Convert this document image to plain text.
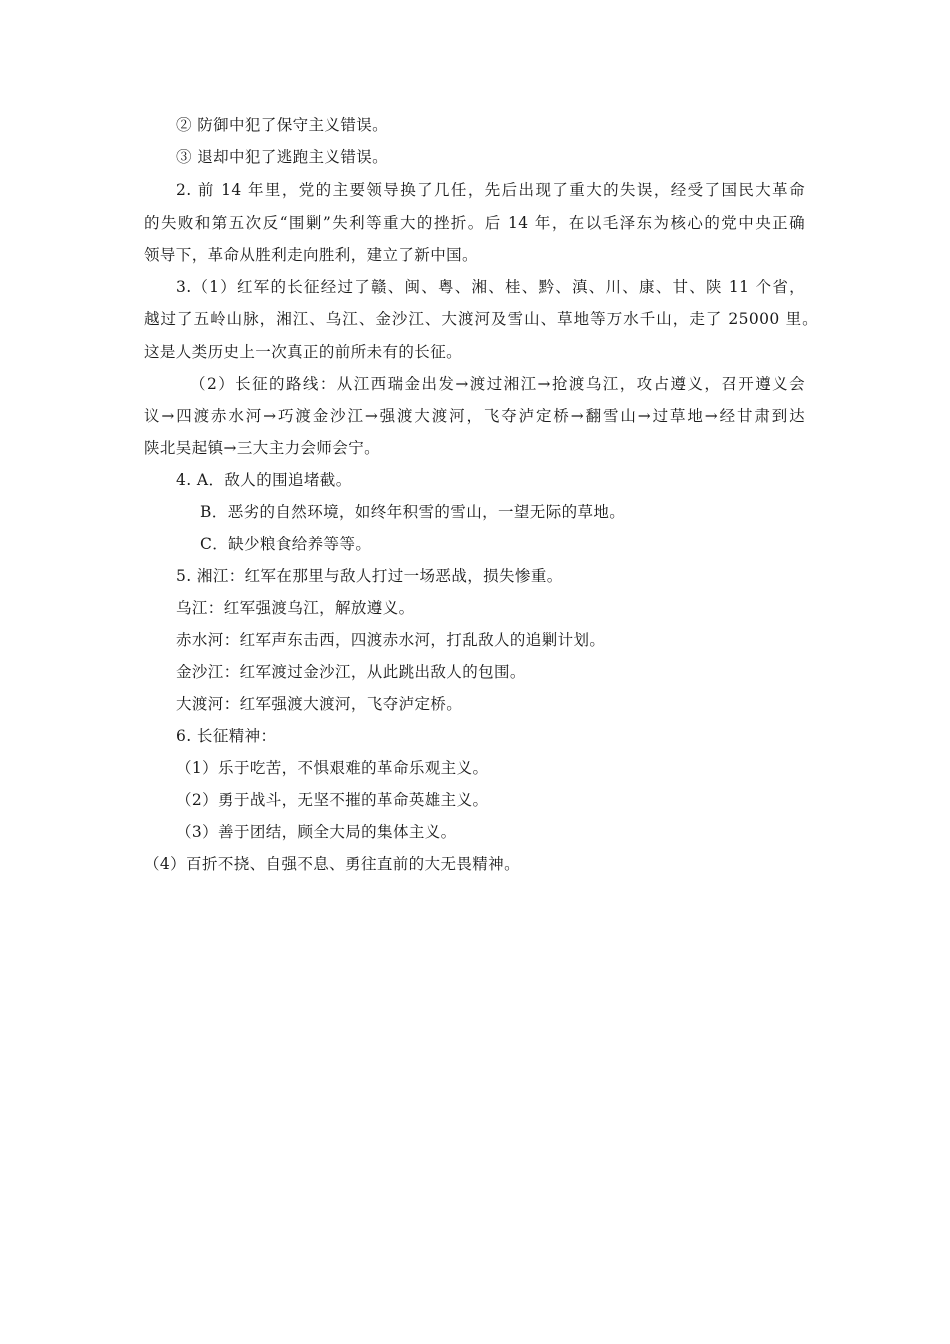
② 防御中犯了保守主义错误。
③ 退却中犯了逃跑主义错误。
2. 前 14 年里，党的主要领导换了几任，先后出现了重大的失误，经受了国民大革命
的失败和第五次反“围剿”失利等重大的挫折。后 14 年，在以毛泽东为核心的党中央正确
领导下，革命从胜利走向胜利，建立了新中国。
3.（1）红军的长征经过了赣、闽、粤、湘、桂、黔、滇、川、康、甘、陕 11 个省，
越过了五岭山脉，湘江、乌江、金沙江、大渡河及雪山、草地等万水千山，走了 25000 里。
这是人类历史上一次真正的前所未有的长征。
（2）长征的路线：从江西瑞金出发→渡过湘江→抢渡乌江，攻占遵义，召开遵义会
议→四渡赤水河→巧渡金沙江→强渡大渡河，飞夺泸定桥→翻雪山→过草地→经甘肃到达
陕北吴起镇→三大主力会师会宁。
4. A．敌人的围追堵截。
B．恶劣的自然环境，如终年积雪的雪山，一望无际的草地。
C．缺少粮食给养等等。
5. 湘江：红军在那里与敌人打过一场恶战，损失惨重。
乌江：红军强渡乌江，解放遵义。
赤水河：红军声东击西，四渡赤水河，打乱敌人的追剿计划。
金沙江：红军渡过金沙江，从此跳出敌人的包围。
大渡河：红军强渡大渡河，飞夺泸定桥。
6. 长征精神：
（1）乐于吃苦，不惧艰难的革命乐观主义。
（2）勇于战斗，无坚不摧的革命英雄主义。
（3）善于团结，顾全大局的集体主义。
（4）百折不挠、自强不息、勇往直前的大无畏精神。
